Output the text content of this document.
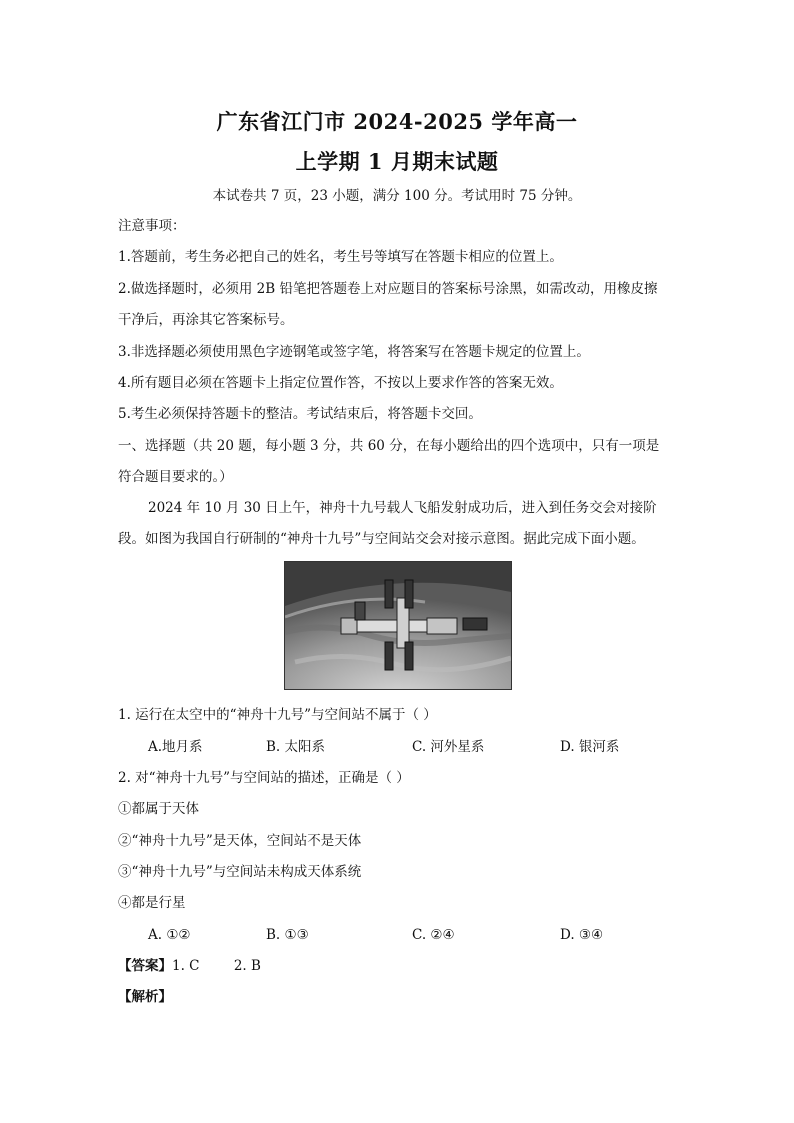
广东省江门市 2024-2025 学年高一
上学期 1 月期末试题
本试卷共 7 页，23 小题，满分 100 分。考试用时 75 分钟。
注意事项：
1.答题前，考生务必把自己的姓名，考生号等填写在答题卡相应的位置上。
2.做选择题时，必须用 2B 铅笔把答题卷上对应题目的答案标号涂黑，如需改动，用橡皮擦
干净后，再涂其它答案标号。
3.非选择题必须使用黑色字迹钢笔或签字笔，将答案写在答题卡规定的位置上。
4.所有题目必须在答题卡上指定位置作答，不按以上要求作答的答案无效。
5.考生必须保持答题卡的整洁。考试结束后，将答题卡交回。
一、选择题（共 20 题，每小题 3 分，共 60 分，在每小题给出的四个选项中，只有一项是
符合题目要求的。）
2024 年 10 月 30 日上午，神舟十九号载人飞船发射成功后，进入到任务交会对接阶
段。如图为我国自行研制的“神舟十九号”与空间站交会对接示意图。据此完成下面小题。
1. 运行在太空中的“神舟十九号”与空间站不属于（ ）
A.地月系	B. 太阳系	C. 河外星系	D. 银河系
2. 对“神舟十九号”与空间站的描述，正确是（ ）
①都属于天体
②“神舟十九号”是天体，空间站不是天体
③“神舟十九号”与空间站未构成天体系统
④都是行星
A. ①②	B. ①③	C. ②④	D. ③④
【答案】1. C        2. B
【解析】
